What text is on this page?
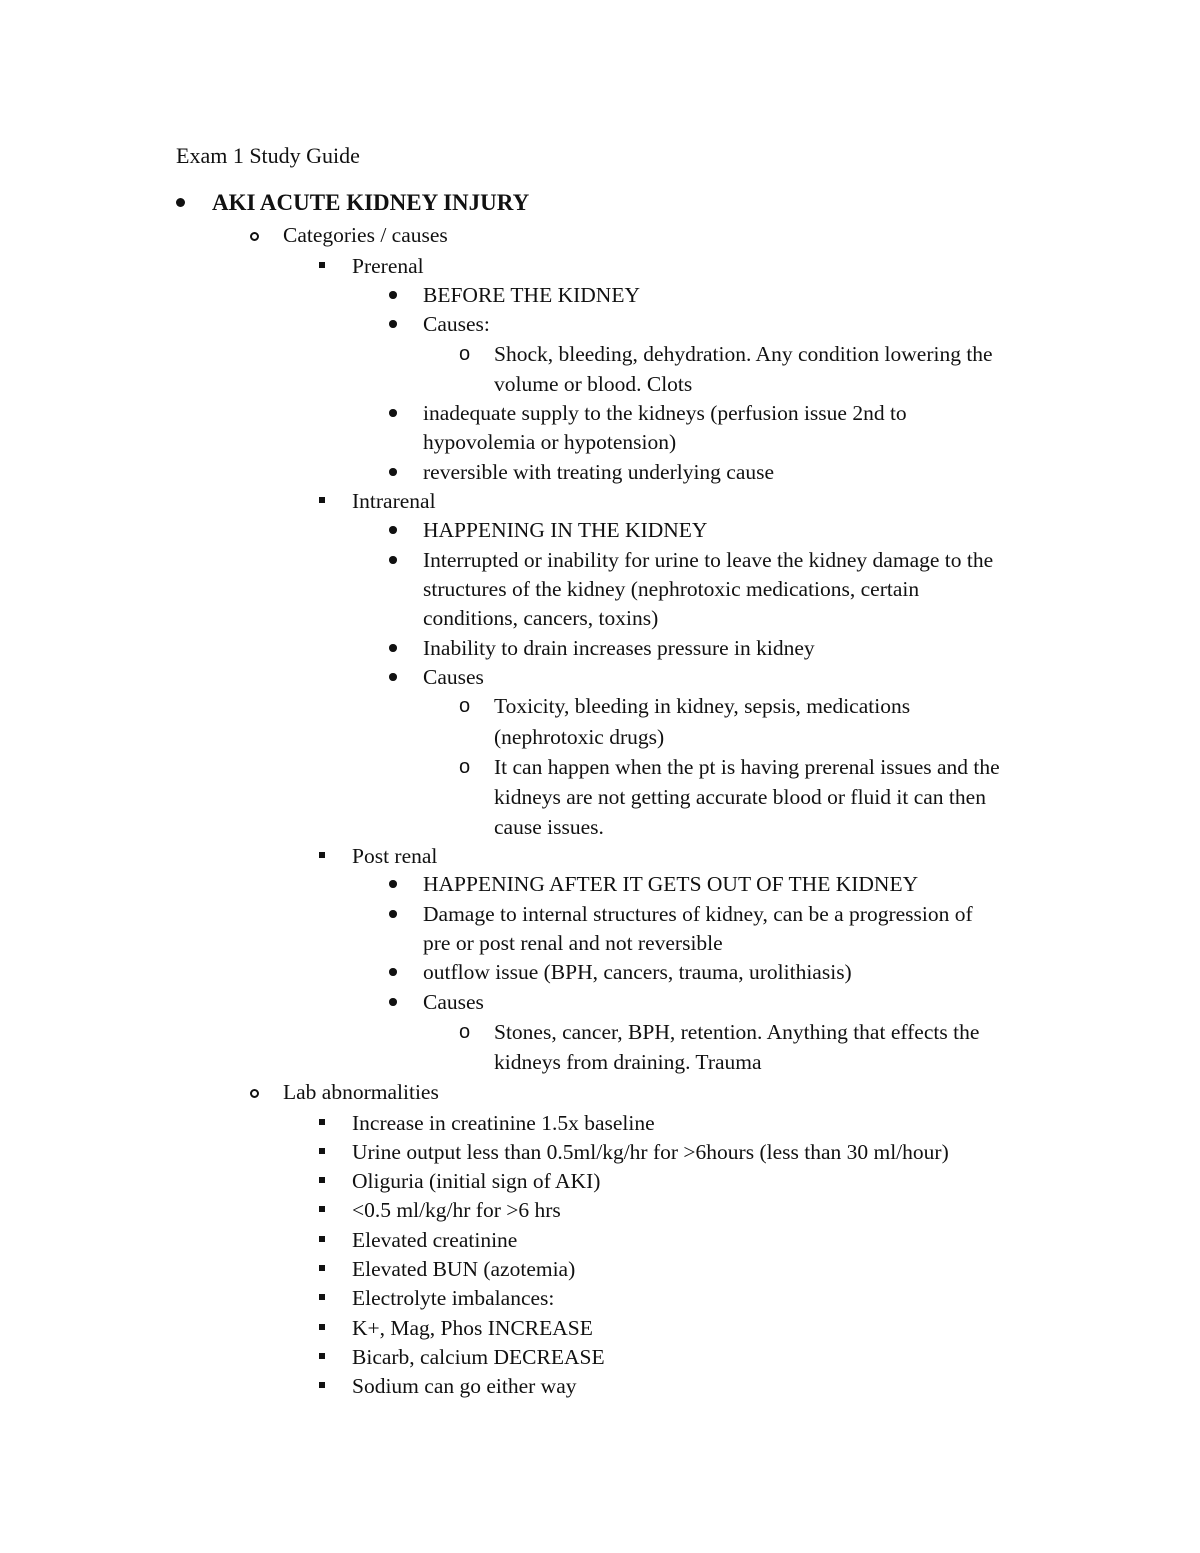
Exam 1 Study Guide
AKI ACUTE KIDNEY INJURY
Categories / causes
Prerenal
BEFORE THE KIDNEY
Causes:
o Shock, bleeding, dehydration. Any condition lowering the
volume or blood. Clots
inadequate supply to the kidneys (perfusion issue 2nd to
hypovolemia or hypotension)
reversible with treating underlying cause
Intrarenal
HAPPENING IN THE KIDNEY
Interrupted or inability for urine to leave the kidney damage to the
structures of the kidney (nephrotoxic medications, certain
conditions, cancers, toxins)
Inability to drain increases pressure in kidney
Causes
o Toxicity, bleeding in kidney, sepsis, medications
(nephrotoxic drugs)
o It can happen when the pt is having prerenal issues and the
kidneys are not getting accurate blood or fluid it can then
cause issues.
Post renal
HAPPENING AFTER IT GETS OUT OF THE KIDNEY
Damage to internal structures of kidney, can be a progression of
pre or post renal and not reversible
outflow issue (BPH, cancers, trauma, urolithiasis)
Causes
o Stones, cancer, BPH, retention. Anything that effects the
kidneys from draining. Trauma
Lab abnormalities
Increase in creatinine 1.5x baseline
Urine output less than 0.5ml/kg/hr for >6hours (less than 30 ml/hour)
Oliguria (initial sign of AKI)
<0.5 ml/kg/hr for >6 hrs
Elevated creatinine
Elevated BUN (azotemia)
Electrolyte imbalances:
K+, Mag, Phos INCREASE
Bicarb, calcium DECREASE
Sodium can go either way
